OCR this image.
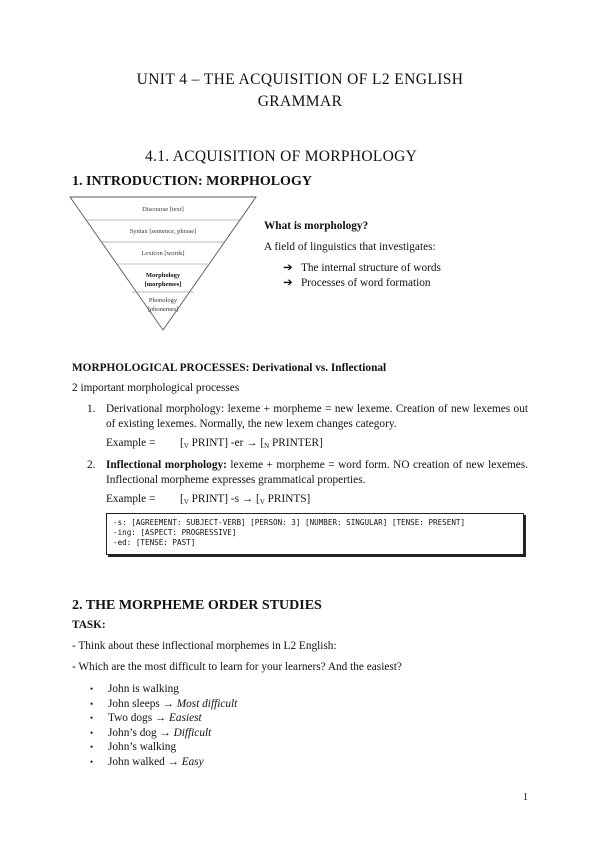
UNIT 4 – THE ACQUISITION OF L2 ENGLISH
GRAMMAR
4.1. ACQUISITION OF MORPHOLOGY
1. INTRODUCTION: MORPHOLOGY
Discourse [text]
Syntax [sentence, phrase]
Lexicon [words]
Morphology
[morphemes]
Phonology
[phonemes]
What is morphology?
A field of linguistics that investigates:
➔ The internal structure of words
➔ Processes of word formation
MORPHOLOGICAL PROCESSES: Derivational vs. Inflectional
2 important morphological processes
1. Derivational morphology: lexeme + morpheme = new lexeme. Creation of new lexemes out of existing lexemes. Normally, the new lexem changes category.
Example = [$_V$ PRINT] $-er \to [_N$ PRINTER]
2. Inflectional morphology: lexeme + morpheme = word form. NO creation of new lexemes. Inflectional morpheme expresses grammatical properties.
Example = [$_V$ PRINT] $-s \to [_V$ PRINTS]
-s: [AGREEMENT: SUBJECT-VERB] [PERSON: 3] [NUMBER: SINGULAR] [TENSE: PRESENT]
-ing: [ASPECT: PROGRESSIVE]
-ed: [TENSE: PAST]
2. THE MORPHEME ORDER STUDIES
TASK:
- Think about these inflectional morphemes in L2 English:
- Which are the most difficult to learn for your learners? And the easiest?
• John is walking
• John sleeps → Most difficult
• Two dogs → Easiest
• John’s dog → Difficult
• John’s walking
• John walked → Easy
1
